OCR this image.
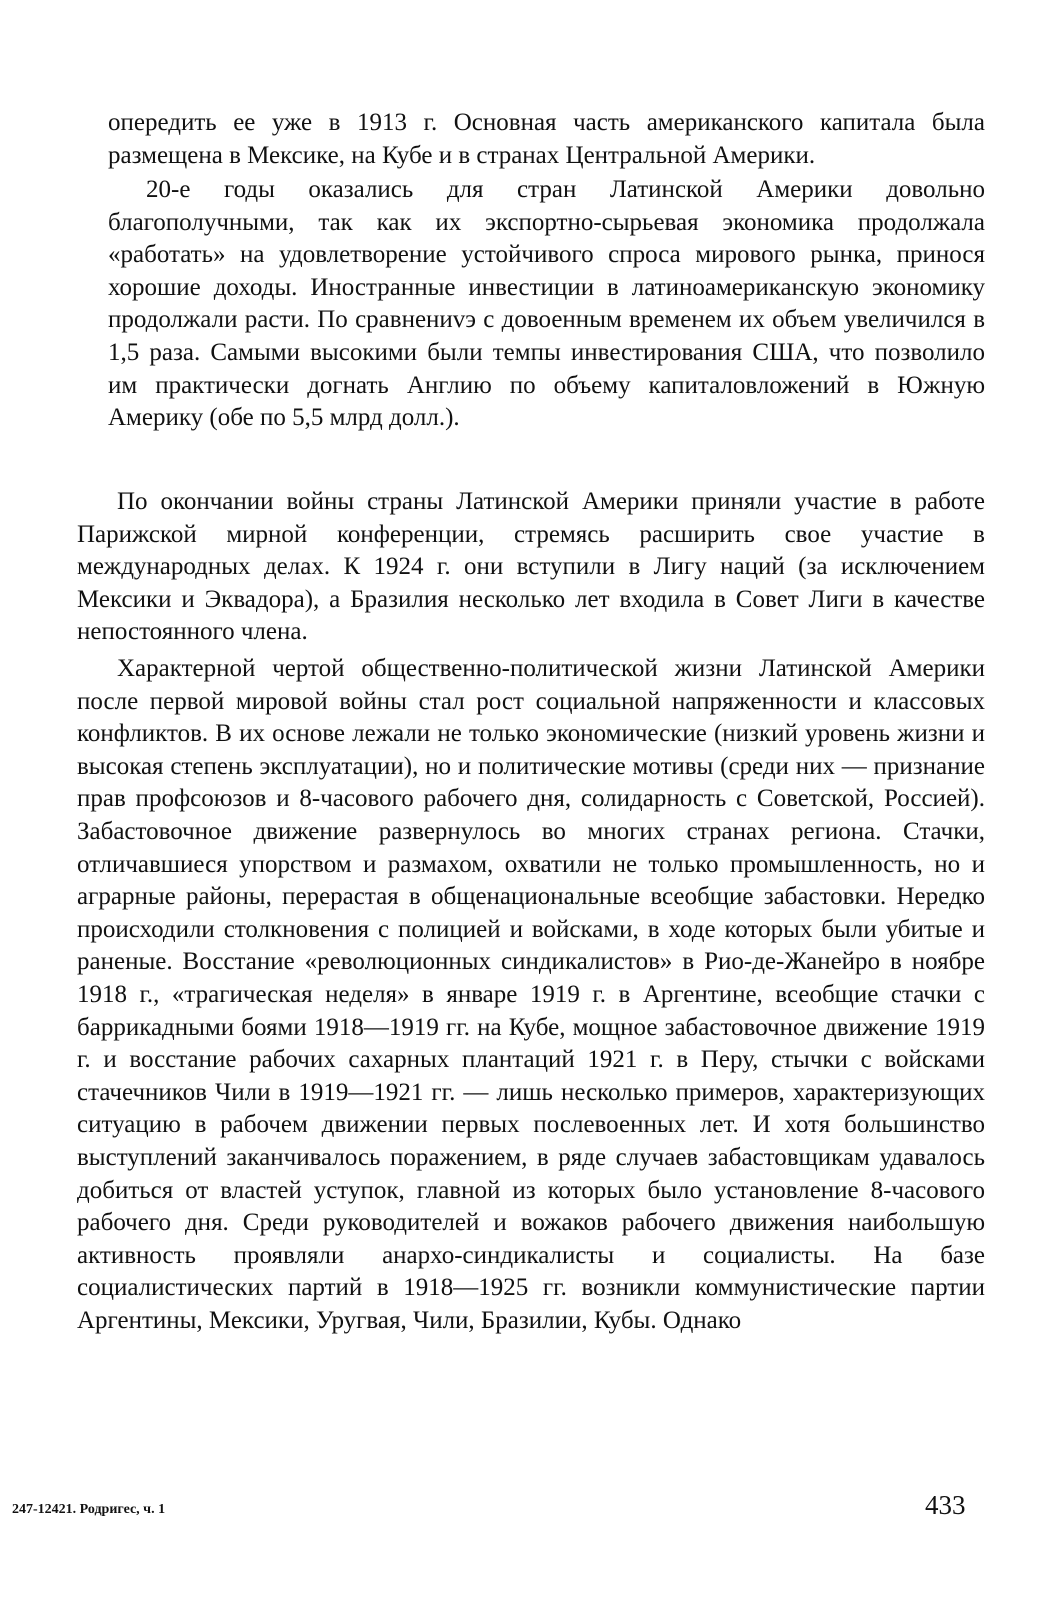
опередить ее уже в 1913 г. Основная часть американского капитала была размещена в Мексике, на Кубе и в странах Центральной Америки.

20-е годы оказались для стран Латинской Америки довольно благополучными, так как их экспортно-сырьевая экономика продолжала «работать» на удовлетворение устойчивого спроса мирового рынка, принося хорошие доходы. Иностранные инвестиции в латиноамериканскую экономику продолжали расти. По сравнениvэ с довоенным временем их объем увеличился в 1,5 раза. Самыми высокими были темпы инвестирования США, что позволило им практически догнать Англию по объему капиталовложений в Южную Америку (обе по 5,5 млрд долл.).

По окончании войны страны Латинской Америки приняли участие в работе Парижской мирной конференции, стремясь расширить свое участие в международных делах. К 1924 г. они вступили в Лигу наций (за исключением Мексики и Эквадора), а Бразилия несколько лет входила в Совет Лиги в качестве непостоянного члена.

Характерной чертой общественно-политической жизни Латинской Америки после первой мировой войны стал рост социальной напряженности и классовых конфликтов. В их основе лежали не только экономические (низкий уровень жизни и высокая степень эксплуатации), но и политические мотивы (среди них — признание прав профсоюзов и 8-часового рабочего дня, солидарность с Советской, Россией). Забастовочное движение развернулось во многих странах региона. Стачки, отличавшиеся упорством и размахом, охватили не только промышленность, но и аграрные районы, перерастая в общенациональные всеобщие забастовки. Нередко происходили столкновения с полицией и войсками, в ходе которых были убитые и раненые. Восстание «революционных синдикалистов» в Рио-де-Жанейро в ноябре 1918 г., «трагическая неделя» в январе 1919 г. в Аргентине, всеобщие стачки с баррикадными боями 1918—1919 гг. на Кубе, мощное забастовочное движение 1919 г. и восстание рабочих сахарных плантаций 1921 г. в Перу, стычки с войсками стачечников Чили в 1919—1921 гг. — лишь несколько примеров, характеризующих ситуацию в рабочем движении первых послевоенных лет. И хотя большинство выступлений заканчивалось поражением, в ряде случаев забастовщикам удавалось добиться от властей уступок, главной из которых было установление 8-часового рабочего дня. Среди руководителей и вожаков рабочего движения наибольшую активность проявляли анархо-синдикалисты и социалисты. На базе социалистических партий в 1918—1925 гг. возникли коммунистические партии Аргентины, Мексики, Уругвая, Чили, Бразилии, Кубы. Однако

247-12421. Родригес, ч. 1	433
